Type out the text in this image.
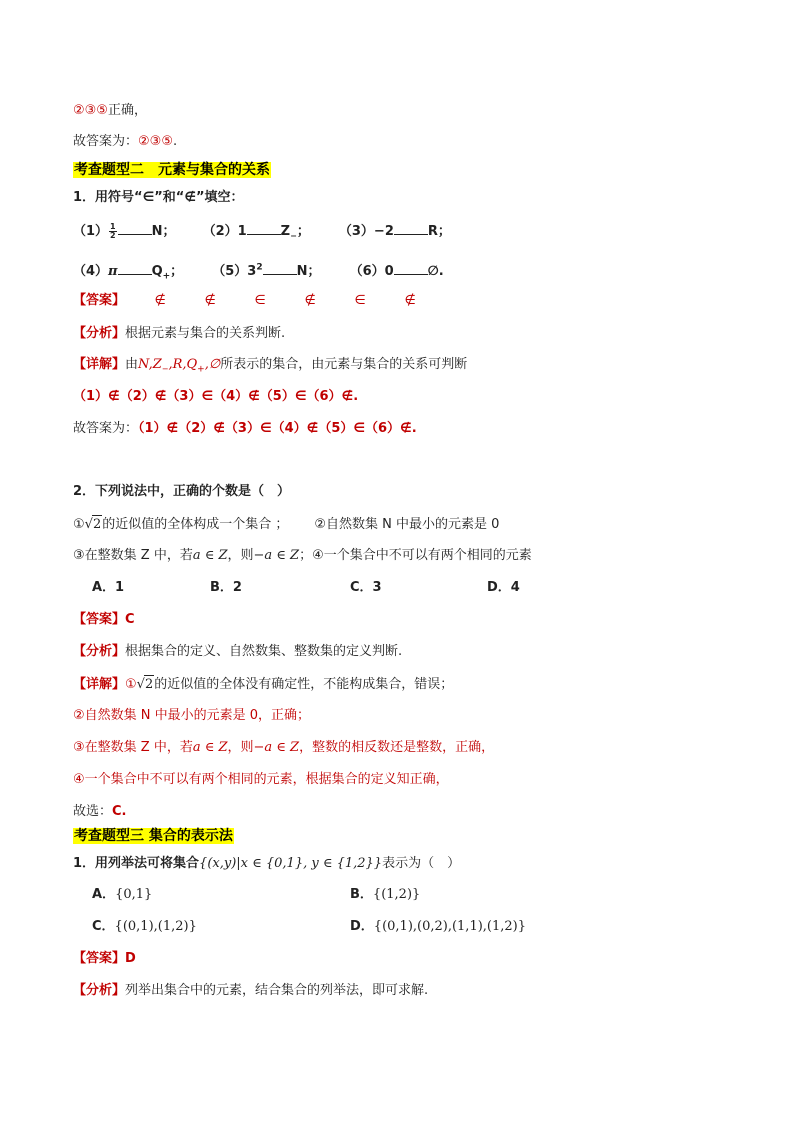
②③⑤正确，
故答案为：②③⑤.
考查题型二　元素与集合的关系
1．用符号“∈”和“∉”填空：
$(1)\frac{1}{2}$	N； （2）1	$Z_-$； （3）−2	R；
（4）π	$Q_+$； $(5)3^2$	N； （6）0	∅.
【答案】 ∉	∉	∈	∉	∈	∉
【分析】根据元素与集合的关系判断.
【详解】由$N,Z_-,R,Q_+,\emptyset$所表示的集合，由元素与集合的关系可判断
（1）∉（2）∉（3）∈（4）∉（5）∈（6）∉.
故答案为：（1）∉（2）∉（3）∈（4）∉（5）∈（6）∉.
2．下列说法中，正确的个数是（　）
①√2的近似值的全体构成一个集合 ； ②自然数集 N 中最小的元素是 0
③在整数集 Z 中，若a ∈ Z，则−a ∈ Z；④一个集合中不可以有两个相同的元素
A．1	B．2	C．3	D．4
【答案】C
【分析】根据集合的定义、自然数集、整数集的定义判断.
【详解】①√2的近似值的全体没有确定性，不能构成集合，错误；
②自然数集 N 中最小的元素是 0，正确；
③在整数集 Z 中，若a ∈ Z，则−a ∈ Z，整数的相反数还是整数，正确，
④一个集合中不可以有两个相同的元素，根据集合的定义知正确，
故选：C.
考查题型三 集合的表示法
1．用列举法可将集合{(x,y)|x ∈ {0,1}, y ∈ {1,2}}表示为（　）
A．{0,1}	B．{(1,2)}
C．{(0,1),(1,2)}	D．{(0,1),(0,2),(1,1),(1,2)}
【答案】D
【分析】列举出集合中的元素，结合集合的列举法，即可求解.
